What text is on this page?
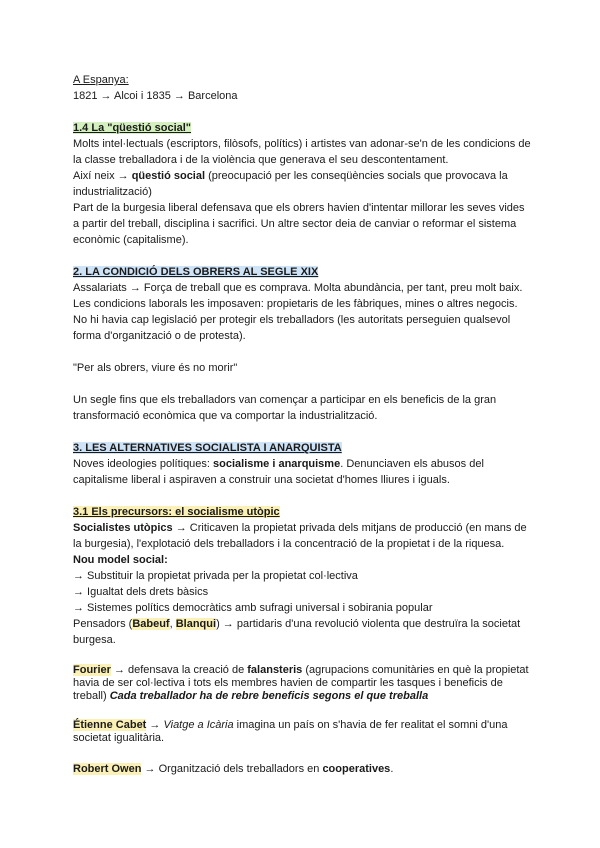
A Espanya:

1821 → Alcoi i 1835 → Barcelona

1.4 La "qüestió social"

Molts intel·lectuals (escriptors, filòsofs, polítics) i artistes van adonar-se'n de les condicions de la classe treballadora i de la violència que generava el seu descontentament.

Així neix → qüestió social (preocupació per les conseqüències socials que provocava la industrialització)

Part de la burgesia liberal defensava que els obrers havien d'intentar millorar les seves vides a partir del treball, disciplina i sacrifici. Un altre sector deia de canviar o reformar el sistema econòmic (capitalisme).

2. LA CONDICIÓ DELS OBRERS AL SEGLE XIX

Assalariats → Força de treball que es comprava. Molta abundància, per tant, preu molt baix.

Les condicions laborals les imposaven: propietaris de les fàbriques, mines o altres negocis.

No hi havia cap legislació per protegir els treballadors (les autoritats perseguien qualsevol forma d'organització o de protesta).

"Per als obrers, viure és no morir"

Un segle fins que els treballadors van començar a participar en els beneficis de la gran transformació econòmica que va comportar la industrialització.

3. LES ALTERNATIVES SOCIALISTA I ANARQUISTA

Noves ideologies polítiques: socialisme i anarquisme. Denunciaven els abusos del capitalisme liberal i aspiraven a construir una societat d'homes lliures i iguals.

3.1 Els precursors: el socialisme utòpic

Socialistes utòpics → Criticaven la propietat privada dels mitjans de producció (en mans de la burgesia), l'explotació dels treballadors i la concentració de la propietat i de la riquesa.

Nou model social:

→ Substituir la propietat privada per la propietat col·lectiva

→ Igualtat dels drets bàsics

→ Sistemes polítics democràtics amb sufragi universal i sobirania popular

Pensadors (Babeuf, Blanqui) → partidaris d'una revolució violenta que destruïra la societat burgesa.

Fourier → defensava la creació de falansteris (agrupacions comunitàries en què la propietat havia de ser col·lectiva i tots els membres havien de compartir les tasques i beneficis de treball) Cada treballador ha de rebre beneficis segons el que treballa

Étienne Cabet → Viatge a Icària imagina un país on s'havia de fer realitat el somni d'una societat igualitària.

Robert Owen → Organització dels treballadors en cooperatives.
